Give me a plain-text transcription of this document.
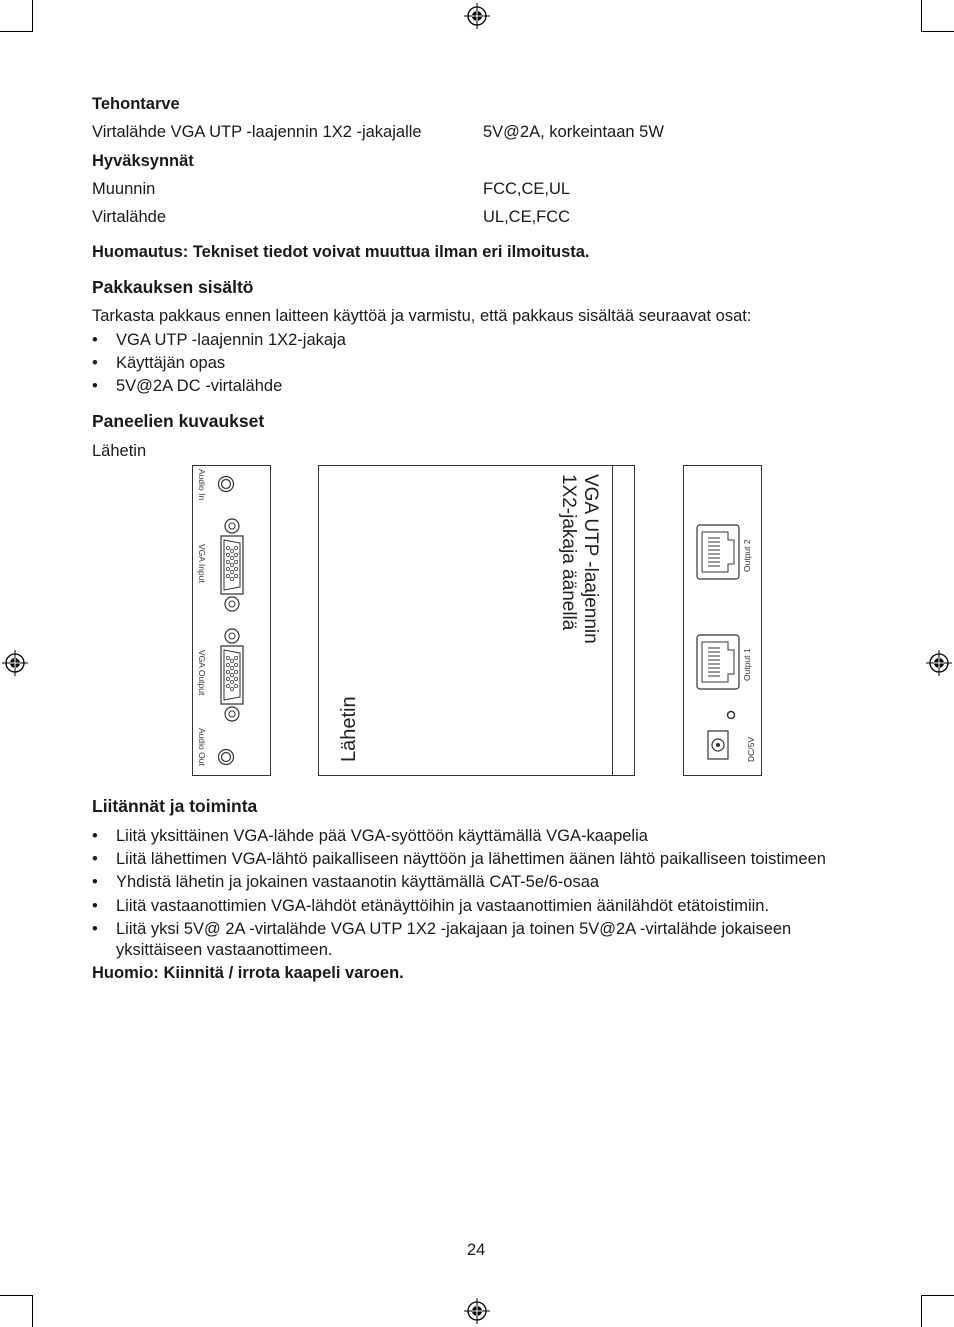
Tehontarve
Virtalähde VGA UTP -laajennin 1X2 -jakajalle	5V@2A, korkeintaan 5W
Hyväksynnät
Muunnin	FCC,CE,UL
Virtalähde	UL,CE,FCC
Huomautus: Tekniset tiedot voivat muuttua ilman eri ilmoitusta.
Pakkauksen sisältö
Tarkasta pakkaus ennen laitteen käyttöä ja varmistu, että pakkaus sisältää seuraavat osat:
• VGA UTP -laajennin 1X2-jakaja
• Käyttäjän opas
• 5V@2A DC -virtalähde
Paneelien kuvaukset
Lähetin
Audio In
VGA Input
VGA Output
Audio Out
VGA UTP -laajennin
1X2-jakaja äänellä
Lähetin
Output 2
Output 1
DC/5V
Liitännät ja toiminta
• Liitä yksittäinen VGA-lähde pää VGA-syöttöön käyttämällä VGA-kaapelia
• Liitä lähettimen VGA-lähtö paikalliseen näyttöön ja lähettimen äänen lähtö paikalliseen toistimeen
• Yhdistä lähetin ja jokainen vastaanotin käyttämällä CAT-5e/6-osaa
• Liitä vastaanottimien VGA-lähdöt etänäyttöihin ja vastaanottimien äänilähdöt etätoistimiin.
• Liitä yksi 5V@ 2A -virtalähde VGA UTP 1X2 -jakajaan ja toinen 5V@2A -virtalähde jokaiseen
yksittäiseen vastaanottimeen.
Huomio: Kiinnitä / irrota kaapeli varoen.
24
